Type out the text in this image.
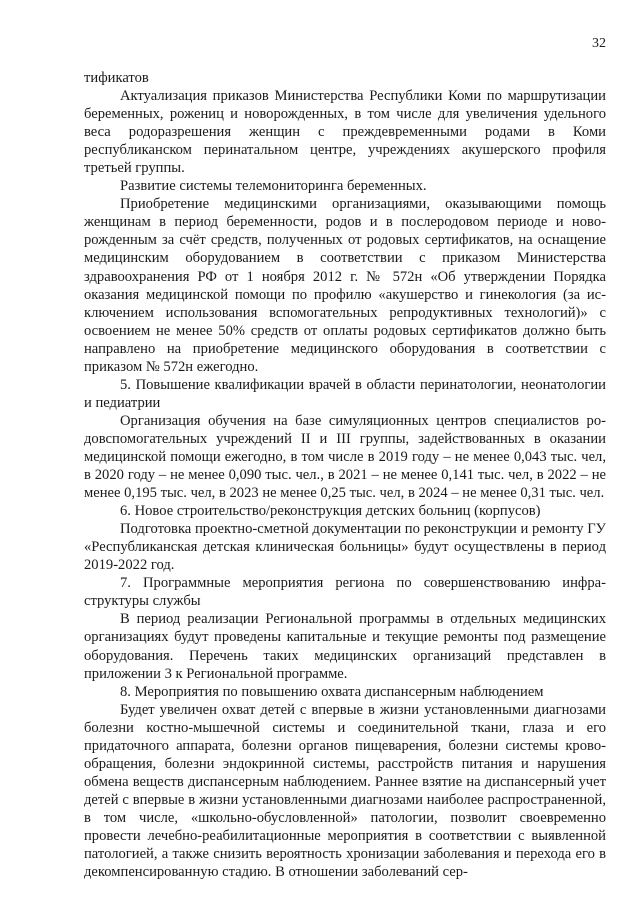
32

тификатов

Актуализация приказов Министерства Республики Коми по маршрутизации беременных, рожениц и новорожденных, в том числе для увеличения удельного веса родоразрешения женщин с преждевременными родами в Коми республиканском перинатальном центре, учреждениях акушерского профиля третьей группы.

Развитие системы телемониторинга беременных.

Приобретение медицинскими организациями, оказывающими помощь женщинам в период беременности, родов и в послеродовом периоде и новорожденным за счёт средств, полученных от родовых сертификатов, на оснащение медицинским оборудованием в соответствии с приказом Министерства здравоохранения РФ от 1 ноября 2012 г. № 572н «Об утверждении Порядка оказания медицинской помощи по профилю «акушерство и гинекология (за исключением использования вспомогательных репродуктивных технологий)» с освоением не менее 50% средств от оплаты родовых сертификатов должно быть направлено на приобретение медицинского оборудования в соответствии с приказом № 572н ежегодно.

5. Повышение квалификации врачей в области перинатологии, неонатологии и педиатрии

Организация обучения на базе симуляционных центров специалистов родовспомогательных учреждений II и III группы, задействованных в оказании медицинской помощи ежегодно, в том числе в 2019 году – не менее 0,043 тыс. чел, в 2020 году – не менее 0,090 тыс. чел., в 2021 – не менее 0,141 тыс. чел, в 2022 – не менее 0,195 тыс. чел, в 2023 не менее 0,25 тыс. чел, в 2024 – не менее 0,31 тыс. чел.

6. Новое строительство/реконструкция детских больниц (корпусов)

Подготовка проектно-сметной документации по реконструкции и ремонту ГУ «Республиканская детская клиническая больницы» будут осуществлены в период 2019-2022 год.

7. Программные мероприятия региона по совершенствованию инфраструктуры службы

В период реализации Региональной программы в отдельных медицинских организациях будут проведены капитальные и текущие ремонты под размещение оборудования. Перечень таких медицинских организаций представлен в приложении 3 к Региональной программе.

8. Мероприятия по повышению охвата диспансерным наблюдением

Будет увеличен охват детей с впервые в жизни установленными диагнозами болезни костно-мышечной системы и соединительной ткани, глаза и его придаточного аппарата, болезни органов пищеварения, болезни системы кровообращения, болезни эндокринной системы, расстройств питания и нарушения обмена веществ диспансерным наблюдением. Раннее взятие на диспансерный учет детей с впервые в жизни установленными диагнозами наиболее распространенной, в том числе, «школьно-обусловленной» патологии, позволит своевременно провести лечебно-реабилитационные мероприятия в соответствии с выявленной патологией, а также снизить вероятность хронизации заболевания и перехода его в декомпенсированную стадию. В отношении заболеваний сер-
